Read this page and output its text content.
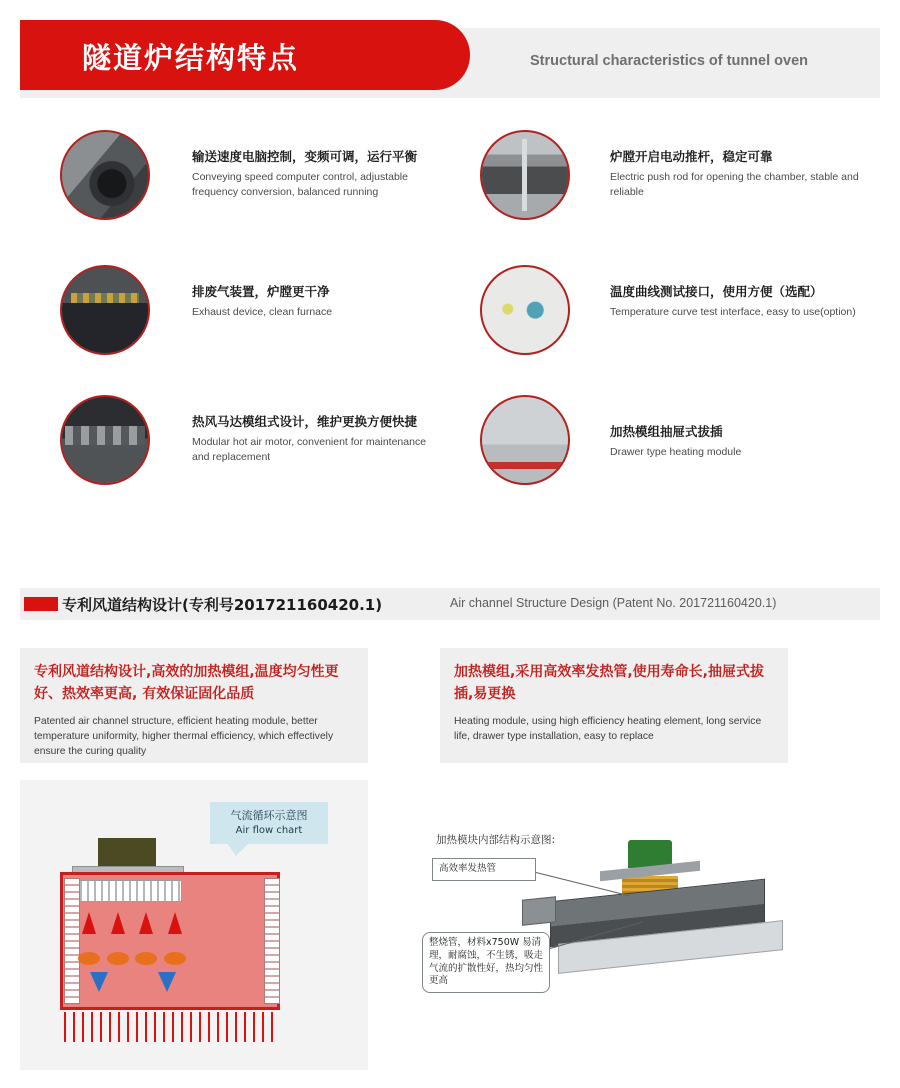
隧道炉结构特点	Structural characteristics of tunnel oven

输送速度电脑控制，变频可调，运行平衡

Conveying speed computer control, adjustable frequency conversion, balanced running

炉膛开启电动推杆，稳定可靠

Electric push rod for opening the chamber, stable and reliable

排废气装置，炉膛更干净

Exhaust device, clean furnace

温度曲线测试接口，使用方便（选配）

Temperature curve test interface, easy to use(option)

热风马达模组式设计，维护更换方便快捷

Modular hot air motor, convenient for maintenance and replacement

加热模组抽屉式拔插

Drawer type heating module

专利风道结构设计(专利号201721160420.1)	Air channel Structure Design (Patent No. 201721160420.1)

专利风道结构设计,高效的加热模组,温度均匀性更好、热效率更高, 有效保证固化品质

Patented air channel structure, efficient heating module, better temperature uniformity, higher thermal efficiency, which effectively ensure the curing quality

加热模组,采用高效率发热管,使用寿命长,抽屉式拔插,易更换

Heating module, using high efficiency heating element, long service life, drawer type installation, easy to replace

气流循环示意图
Air flow chart
加热模块内部结构示意图:
高效率发热管
整烧管，材料x750W 易清理，耐腐蚀，不生锈，吸走气流的扩散性好，热均匀性更高
